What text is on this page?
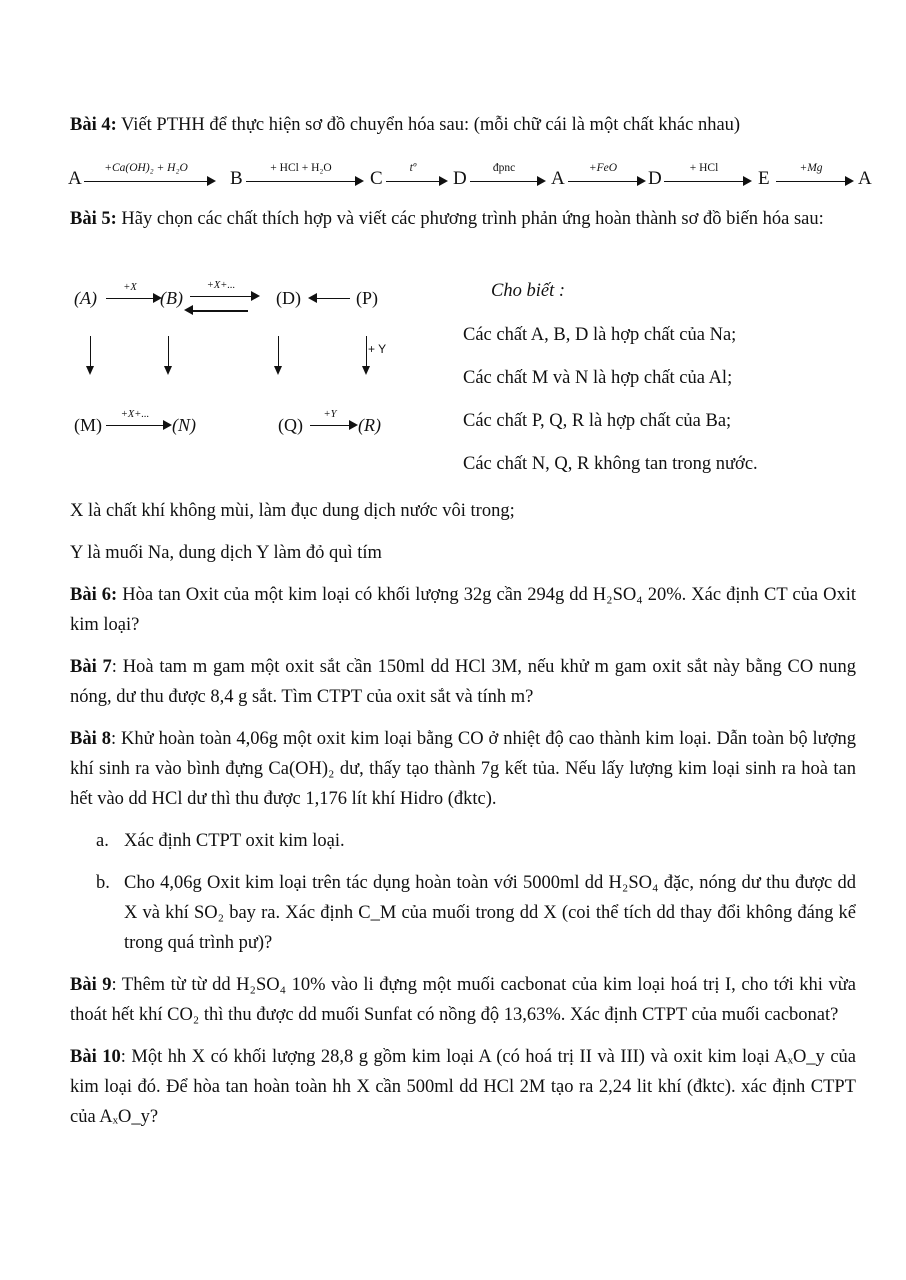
Bài 4: Viết PTHH để thực hiện sơ đồ chuyển hóa sau: (mỗi chữ cái là một chất khác nhau)

A	+Ca(OH)₂ + H₂O	B	+ HCl + H₂O	C	tº	D	đpnc	A	+FeO	D	+ HCl	E	+Mg	A

Bài 5: Hãy chọn các chất thích hợp và viết các phương trình phản ứng hoàn thành sơ đồ biến hóa sau:

(A)
+X
(B)
+X+...
(D)	(P)
+ Y
(M)
+X+...
(N)	(Q)
+Y
(R)
Cho biết :

Các chất A, B, D là hợp chất của Na;

Các chất M và N là hợp chất của Al;

Các chất P, Q, R là hợp chất của Ba;

Các chất N, Q, R không tan trong nước.

X là chất khí không mùi, làm đục dung dịch nước vôi trong;

Y là muối Na, dung dịch Y làm đỏ quì tím

Bài 6: Hòa tan Oxit của một kim loại có khối lượng 32g cần 294g dd H₂SO₄ 20%. Xác định CT của Oxit kim loại?

Bài 7: Hoà tam m gam một oxit sắt cần 150ml dd HCl 3M, nếu khử m gam oxit sắt này bằng CO nung nóng, dư thu được 8,4 g sắt. Tìm CTPT của oxit sắt và tính m?

Bài 8: Khử hoàn toàn 4,06g một oxit kim loại bằng CO ở nhiệt độ cao thành kim loại. Dẫn toàn bộ lượng khí sinh ra vào bình đựng Ca(OH)₂ dư, thấy tạo thành 7g kết tủa. Nếu lấy lượng kim loại sinh ra hoà tan hết vào dd HCl dư thì thu được 1,176 lít khí Hidro (đktc).

a. Xác định CTPT oxit kim loại.

b. Cho 4,06g Oxit kim loại trên tác dụng hoàn toàn với 5000ml dd H₂SO₄ đặc, nóng dư thu được dd X và khí SO₂ bay ra. Xác định C_M của muối trong dd X (coi thể tích dd thay đổi không đáng kể trong quá trình pư)?

Bài 9: Thêm từ từ dd H₂SO₄ 10% vào li đựng một muối cacbonat của kim loại hoá trị I, cho tới khi vừa thoát hết khí CO₂ thì thu được dd muối Sunfat có nồng độ 13,63%. Xác định CTPT của muối cacbonat?

Bài 10: Một hh X có khối lượng 28,8 g gồm kim loại A (có hoá trị II và III) và oxit kim loại AₓO_y của kim loại đó. Để hòa tan hoàn toàn hh X cần 500ml dd HCl 2M tạo ra 2,24 lit khí (đktc). xác định CTPT của AₓO_y?
